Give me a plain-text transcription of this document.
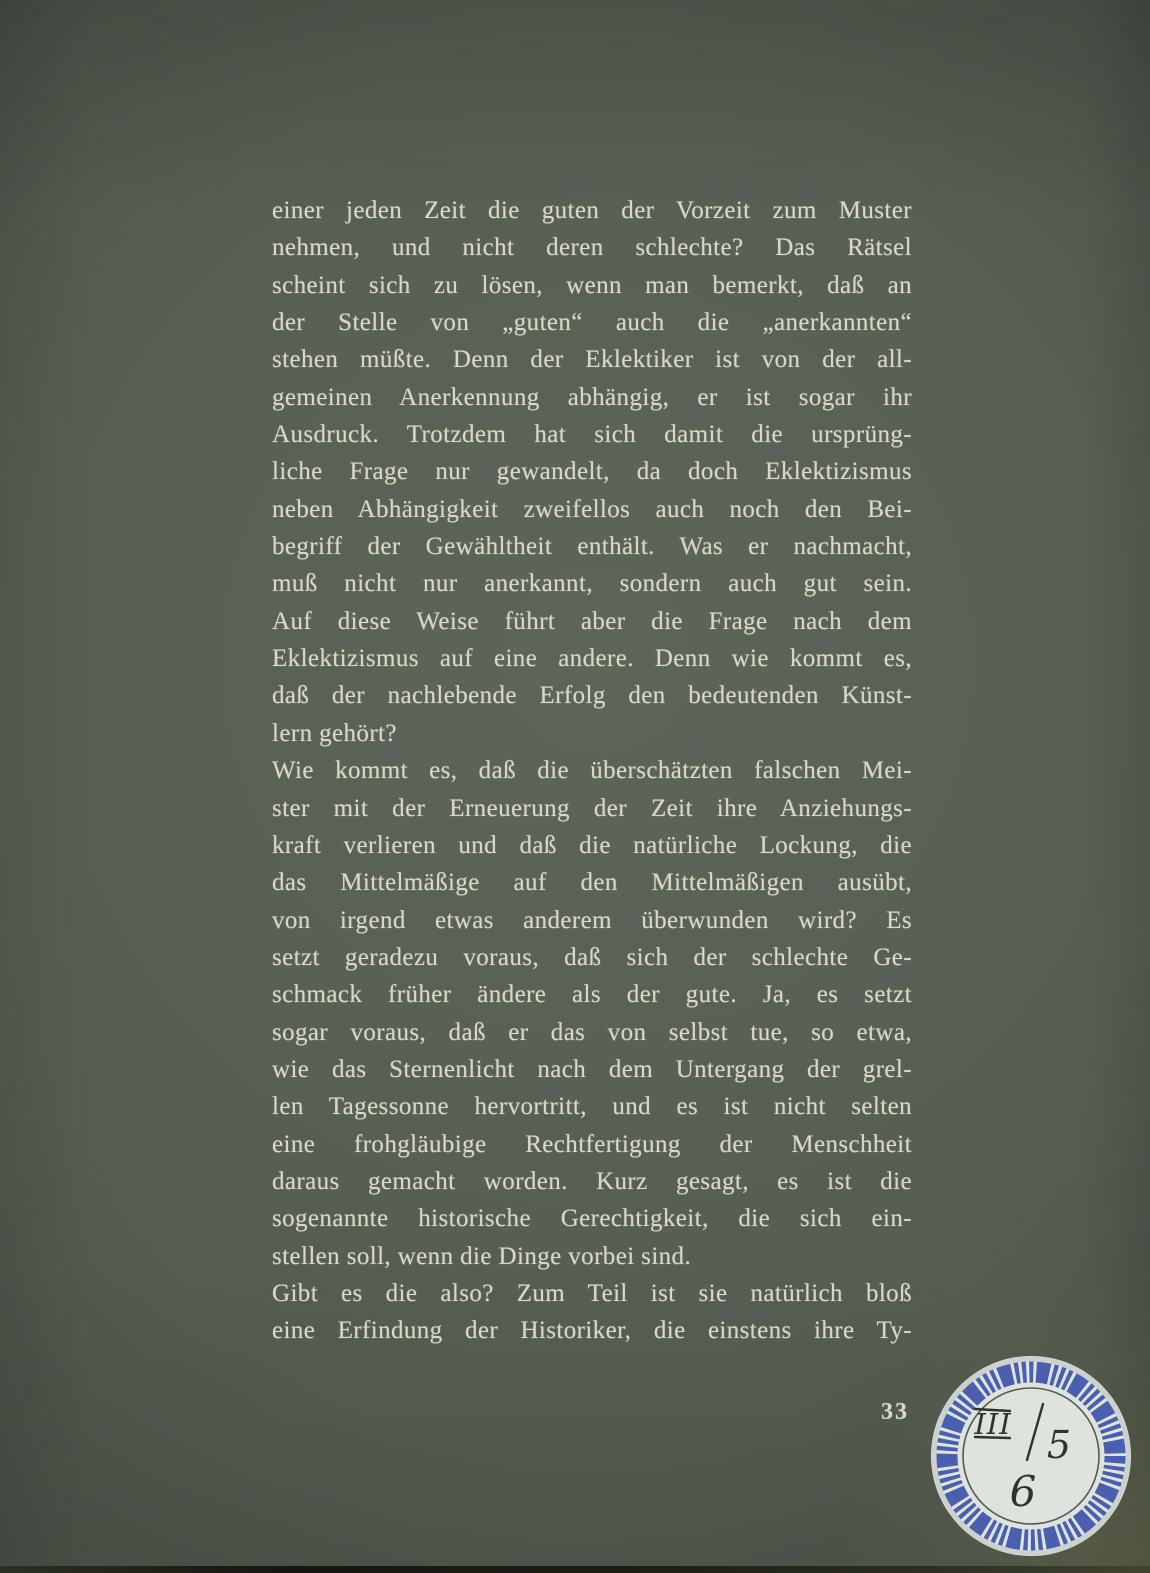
einer jeden Zeit die guten der Vorzeit zum Muster
nehmen, und nicht deren schlechte? Das Rätsel
scheint sich zu lösen, wenn man bemerkt, daß an
der Stelle von „guten“ auch die „anerkannten“
stehen müßte. Denn der Eklektiker ist von der all-
gemeinen Anerkennung abhängig, er ist sogar ihr
Ausdruck. Trotzdem hat sich damit die ursprüng-
liche Frage nur gewandelt, da doch Eklektizismus
neben Abhängigkeit zweifellos auch noch den Bei-
begriff der Gewähltheit enthält. Was er nachmacht,
muß nicht nur anerkannt, sondern auch gut sein.
Auf diese Weise führt aber die Frage nach dem
Eklektizismus auf eine andere. Denn wie kommt es,
daß der nachlebende Erfolg den bedeutenden Künst-
lern gehört?
Wie kommt es, daß die überschätzten falschen Mei-
ster mit der Erneuerung der Zeit ihre Anziehungs-
kraft verlieren und daß die natürliche Lockung, die
das Mittelmäßige auf den Mittelmäßigen ausübt,
von irgend etwas anderem überwunden wird? Es
setzt geradezu voraus, daß sich der schlechte Ge-
schmack früher ändere als der gute. Ja, es setzt
sogar voraus, daß er das von selbst tue, so etwa,
wie das Sternenlicht nach dem Untergang der grel-
len Tagessonne hervortritt, und es ist nicht selten
eine frohgläubige Rechtfertigung der Menschheit
daraus gemacht worden. Kurz gesagt, es ist die
sogenannte historische Gerechtigkeit, die sich ein-
stellen soll, wenn die Dinge vorbei sind.
Gibt es die also? Zum Teil ist sie natürlich bloß
eine Erfindung der Historiker, die einstens ihre Ty-
33 III 5
6
